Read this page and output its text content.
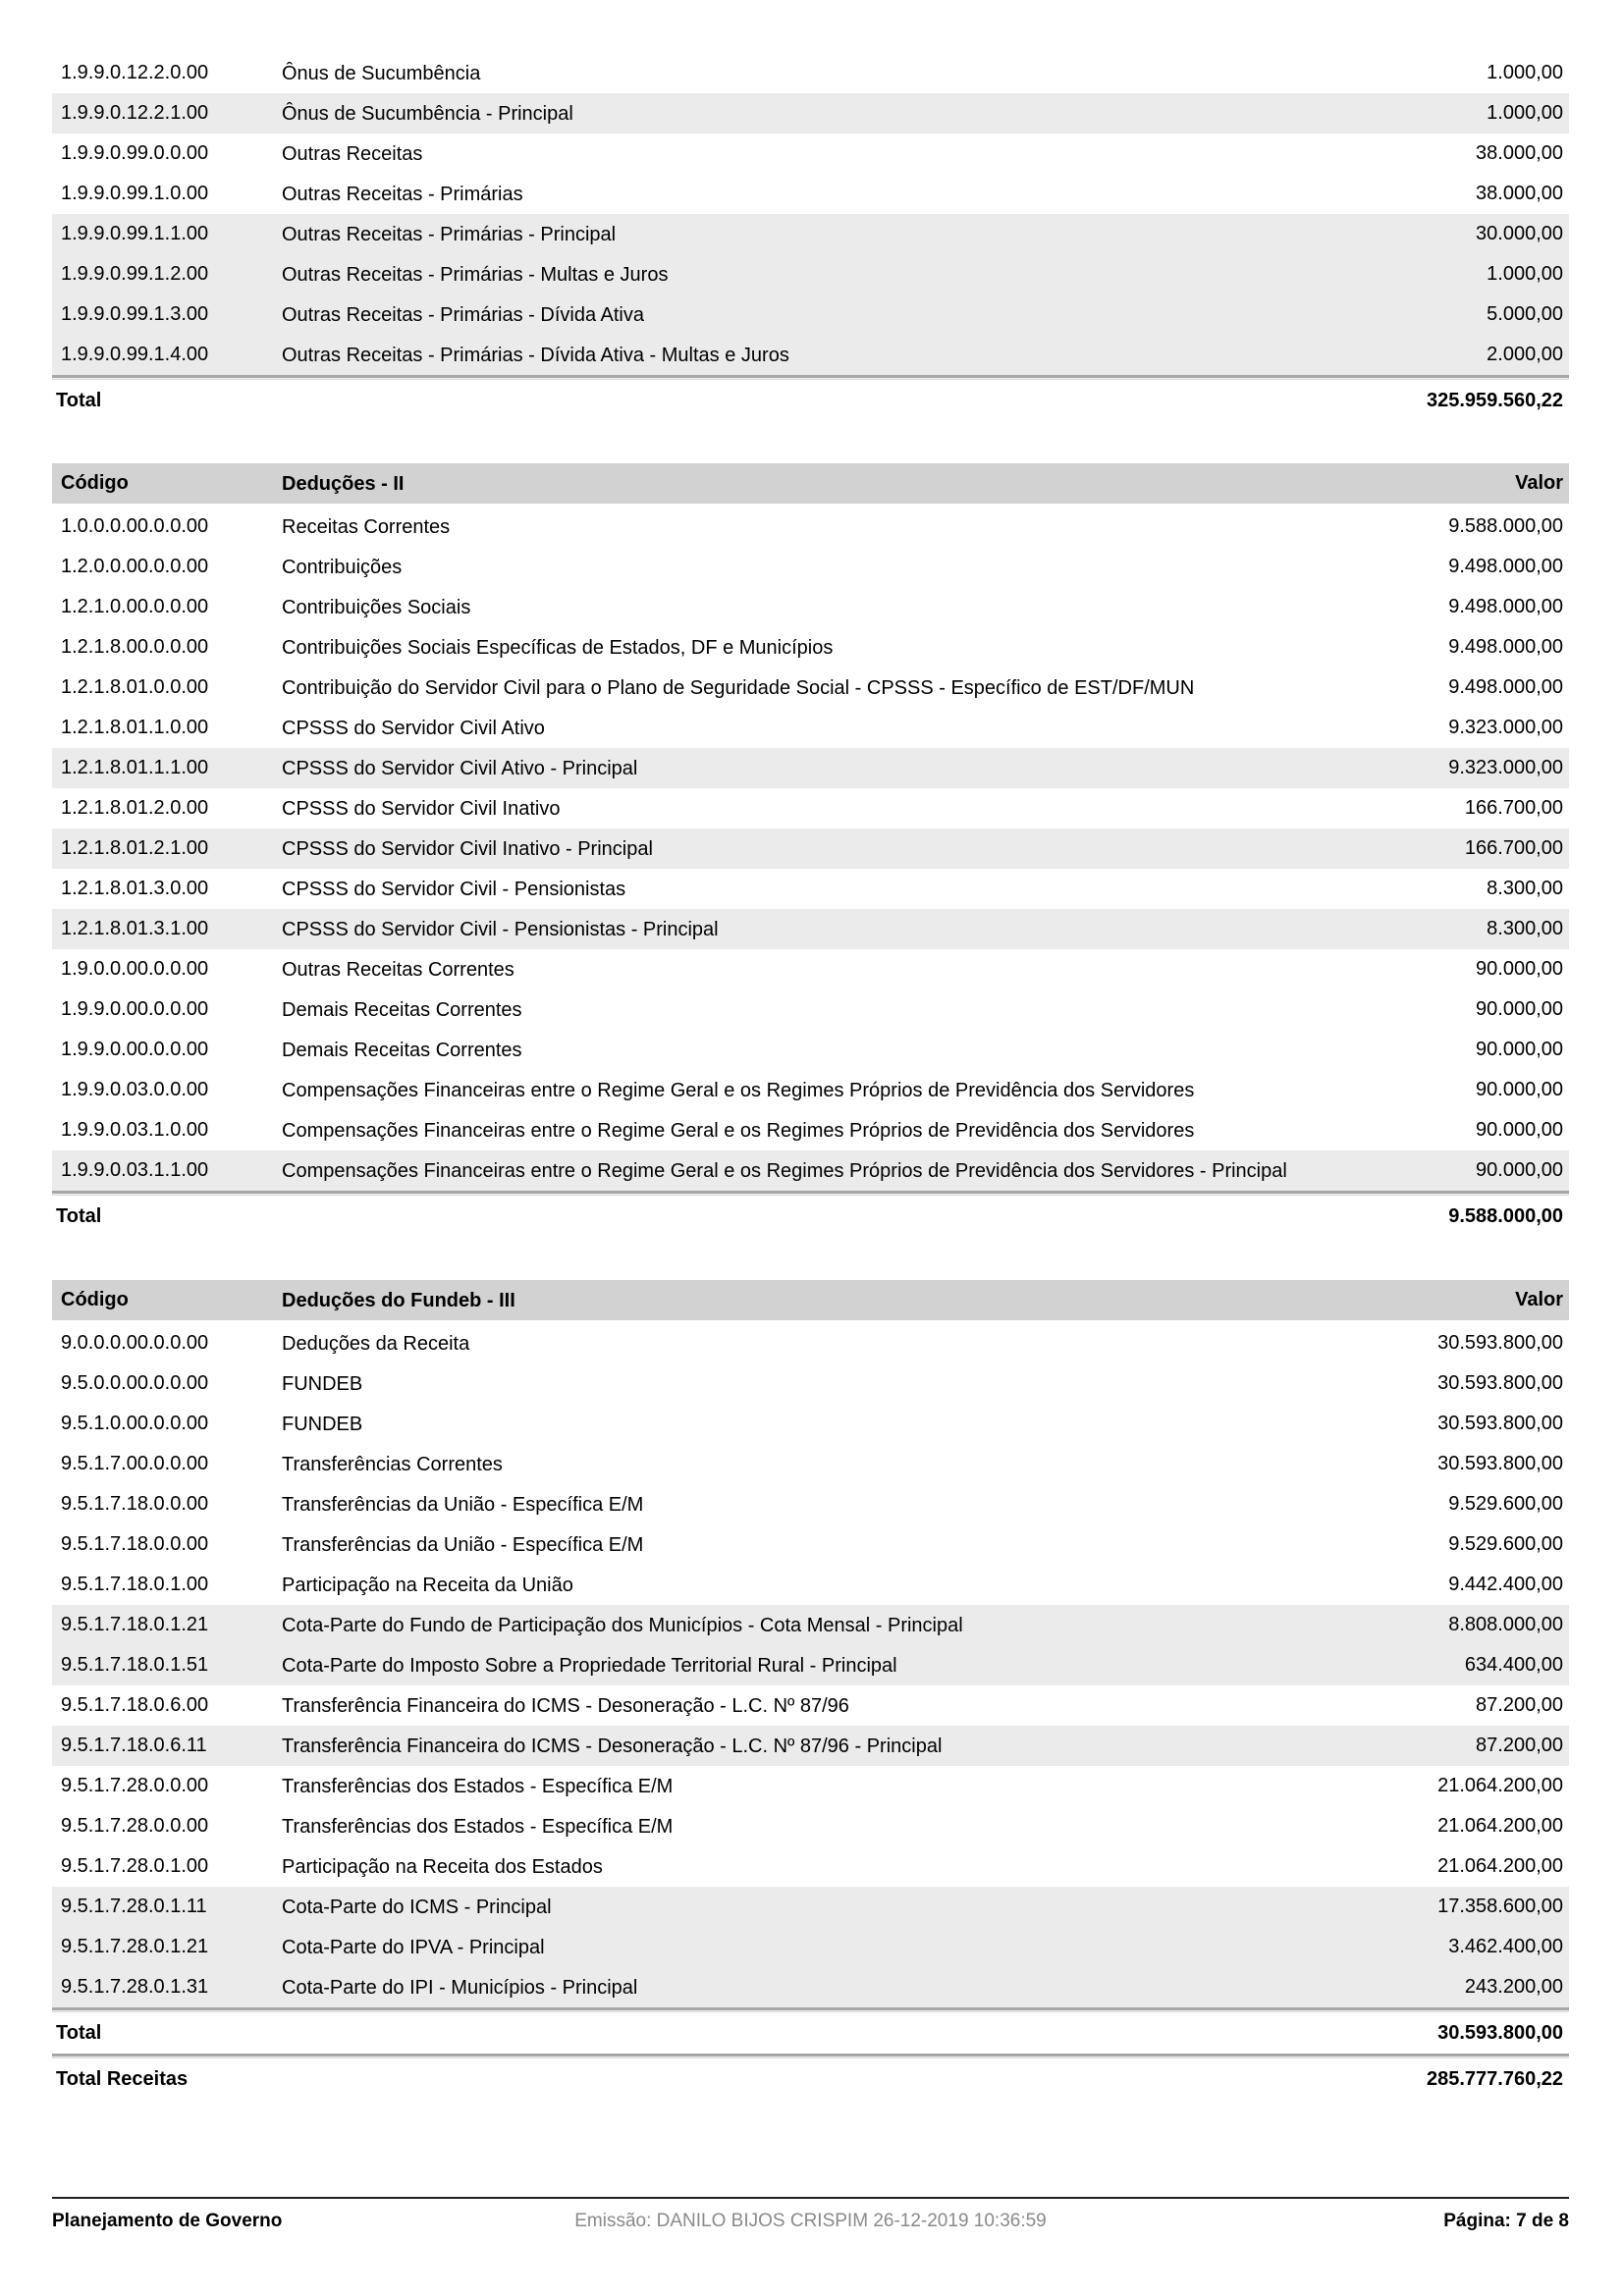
1.9.9.0.12.2.0.00	Ônus de Sucumbência	1.000,00
1.9.9.0.12.2.1.00	Ônus de Sucumbência - Principal	1.000,00
1.9.9.0.99.0.0.00	Outras Receitas	38.000,00
1.9.9.0.99.1.0.00	Outras Receitas - Primárias	38.000,00
1.9.9.0.99.1.1.00	Outras Receitas - Primárias - Principal	30.000,00
1.9.9.0.99.1.2.00	Outras Receitas - Primárias - Multas e Juros	1.000,00
1.9.9.0.99.1.3.00	Outras Receitas - Primárias - Dívida Ativa	5.000,00
1.9.9.0.99.1.4.00	Outras Receitas - Primárias - Dívida Ativa - Multas e Juros	2.000,00
Total	325.959.560,22
Código	Deduções - II	Valor
1.0.0.0.00.0.0.00	Receitas Correntes	9.588.000,00
1.2.0.0.00.0.0.00	Contribuições	9.498.000,00
1.2.1.0.00.0.0.00	Contribuições Sociais	9.498.000,00
1.2.1.8.00.0.0.00	Contribuições Sociais Específicas de Estados, DF e Municípios	9.498.000,00
1.2.1.8.01.0.0.00	Contribuição do Servidor Civil para o Plano de Seguridade Social - CPSSS - Específico de EST/DF/MUN	9.498.000,00
1.2.1.8.01.1.0.00	CPSSS do Servidor Civil Ativo	9.323.000,00
1.2.1.8.01.1.1.00	CPSSS do Servidor Civil Ativo - Principal	9.323.000,00
1.2.1.8.01.2.0.00	CPSSS do Servidor Civil Inativo	166.700,00
1.2.1.8.01.2.1.00	CPSSS do Servidor Civil Inativo - Principal	166.700,00
1.2.1.8.01.3.0.00	CPSSS do Servidor Civil - Pensionistas	8.300,00
1.2.1.8.01.3.1.00	CPSSS do Servidor Civil - Pensionistas - Principal	8.300,00
1.9.0.0.00.0.0.00	Outras Receitas Correntes	90.000,00
1.9.9.0.00.0.0.00	Demais Receitas Correntes	90.000,00
1.9.9.0.00.0.0.00	Demais Receitas Correntes	90.000,00
1.9.9.0.03.0.0.00	Compensações Financeiras entre o Regime Geral e os Regimes Próprios de Previdência dos Servidores	90.000,00
1.9.9.0.03.1.0.00	Compensações Financeiras entre o Regime Geral e os Regimes Próprios de Previdência dos Servidores	90.000,00
1.9.9.0.03.1.1.00	Compensações Financeiras entre o Regime Geral e os Regimes Próprios de Previdência dos Servidores - Principal	90.000,00
Total	9.588.000,00
Código	Deduções do Fundeb - III	Valor
9.0.0.0.00.0.0.00	Deduções da Receita	30.593.800,00
9.5.0.0.00.0.0.00	FUNDEB	30.593.800,00
9.5.1.0.00.0.0.00	FUNDEB	30.593.800,00
9.5.1.7.00.0.0.00	Transferências Correntes	30.593.800,00
9.5.1.7.18.0.0.00	Transferências da União - Específica E/M	9.529.600,00
9.5.1.7.18.0.0.00	Transferências da União - Específica E/M	9.529.600,00
9.5.1.7.18.0.1.00	Participação na Receita da União	9.442.400,00
9.5.1.7.18.0.1.21	Cota-Parte do Fundo de Participação dos Municípios - Cota Mensal - Principal	8.808.000,00
9.5.1.7.18.0.1.51	Cota-Parte do Imposto Sobre a Propriedade Territorial Rural - Principal	634.400,00
9.5.1.7.18.0.6.00	Transferência Financeira do ICMS - Desoneração - L.C. Nº 87/96	87.200,00
9.5.1.7.18.0.6.11	Transferência Financeira do ICMS - Desoneração - L.C. Nº 87/96 - Principal	87.200,00
9.5.1.7.28.0.0.00	Transferências dos Estados - Específica E/M	21.064.200,00
9.5.1.7.28.0.0.00	Transferências dos Estados - Específica E/M	21.064.200,00
9.5.1.7.28.0.1.00	Participação na Receita dos Estados	21.064.200,00
9.5.1.7.28.0.1.11	Cota-Parte do ICMS - Principal	17.358.600,00
9.5.1.7.28.0.1.21	Cota-Parte do IPVA - Principal	3.462.400,00
9.5.1.7.28.0.1.31	Cota-Parte do IPI - Municípios - Principal	243.200,00
Total	30.593.800,00
Total Receitas	285.777.760,22
Planejamento de Governo	Emissão: DANILO BIJOS CRISPIM 26-12-2019 10:36:59	Página: 7 de 8
